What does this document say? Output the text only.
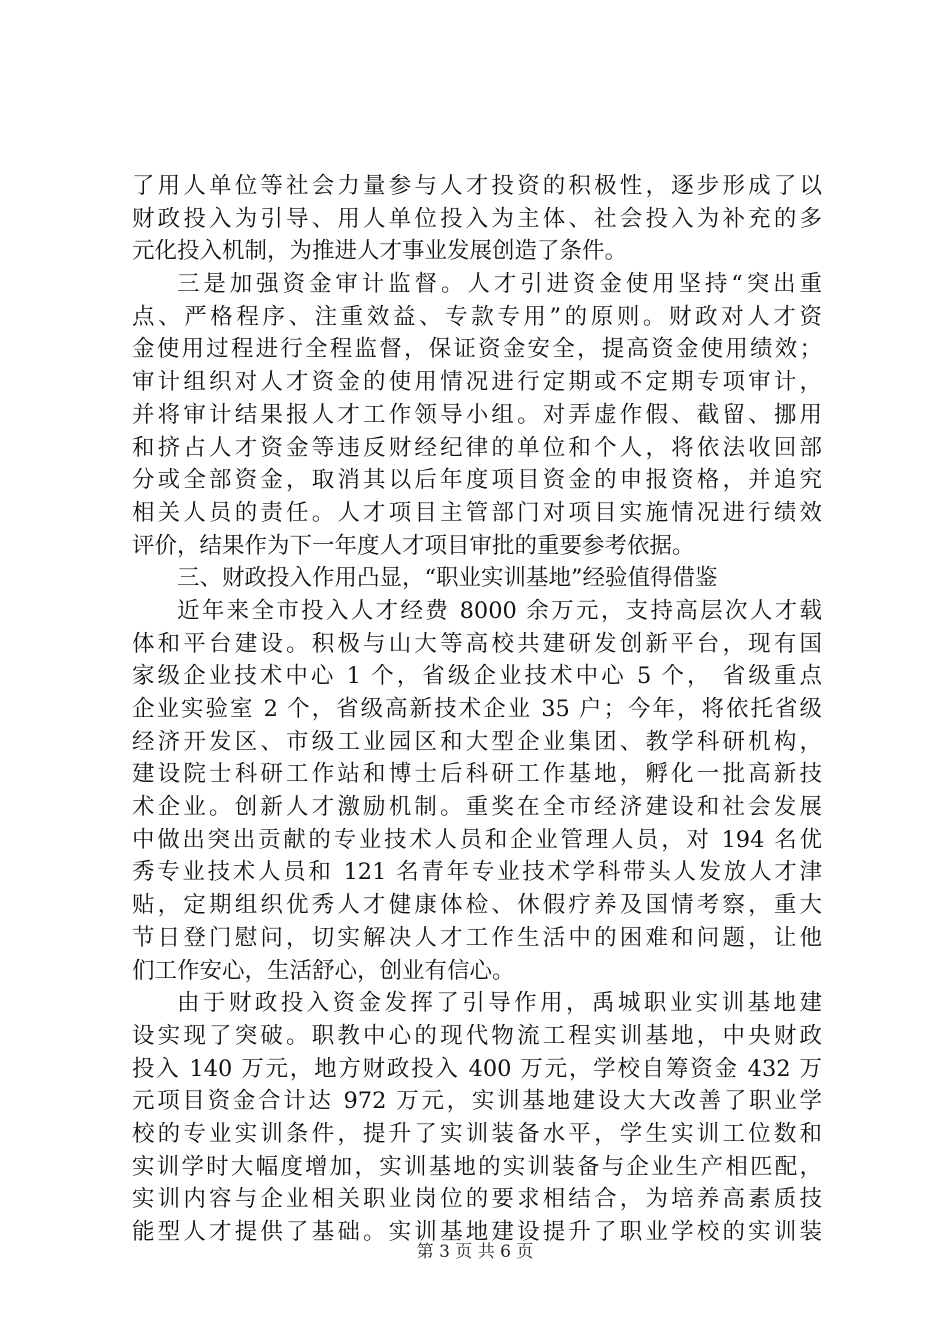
了用人单位等社会力量参与人才投资的积极性，逐步形成了以
财政投入为引导、用人单位投入为主体、社会投入为补充的多
元化投入机制，为推进人才事业发展创造了条件。
三是加强资金审计监督。人才引进资金使用坚持“突出重
点、严格程序、注重效益、专款专用”的原则。财政对人才资
金使用过程进行全程监督，保证资金安全，提高资金使用绩效；
审计组织对人才资金的使用情况进行定期或不定期专项审计，
并将审计结果报人才工作领导小组。对弄虚作假、截留、挪用
和挤占人才资金等违反财经纪律的单位和个人，将依法收回部
分或全部资金，取消其以后年度项目资金的申报资格，并追究
相关人员的责任。人才项目主管部门对项目实施情况进行绩效
评价，结果作为下一年度人才项目审批的重要参考依据。
三、财政投入作用凸显，“职业实训基地”经验值得借鉴
近年来全市投入人才经费 8000 余万元，支持高层次人才载
体和平台建设。积极与山大等高校共建研发创新平台，现有国
家级企业技术中心 1 个，省级企业技术中心 5 个， 省级重点
企业实验室 2 个，省级高新技术企业 35 户；今年，将依托省级
经济开发区、市级工业园区和大型企业集团、教学科研机构，
建设院士科研工作站和博士后科研工作基地，孵化一批高新技
术企业。创新人才激励机制。重奖在全市经济建设和社会发展
中做出突出贡献的专业技术人员和企业管理人员，对 194 名优
秀专业技术人员和 121 名青年专业技术学科带头人发放人才津
贴，定期组织优秀人才健康体检、休假疗养及国情考察，重大
节日登门慰问，切实解决人才工作生活中的困难和问题，让他
们工作安心，生活舒心，创业有信心。
由于财政投入资金发挥了引导作用，禹城职业实训基地建
设实现了突破。职教中心的现代物流工程实训基地，中央财政
投入 140 万元，地方财政投入 400 万元，学校自筹资金 432 万
元项目资金合计达 972 万元，实训基地建设大大改善了职业学
校的专业实训条件，提升了实训装备水平，学生实训工位数和
实训学时大幅度增加，实训基地的实训装备与企业生产相匹配，
实训内容与企业相关职业岗位的要求相结合，为培养高素质技
能型人才提供了基础。实训基地建设提升了职业学校的实训装
第 3 页 共 6 页
